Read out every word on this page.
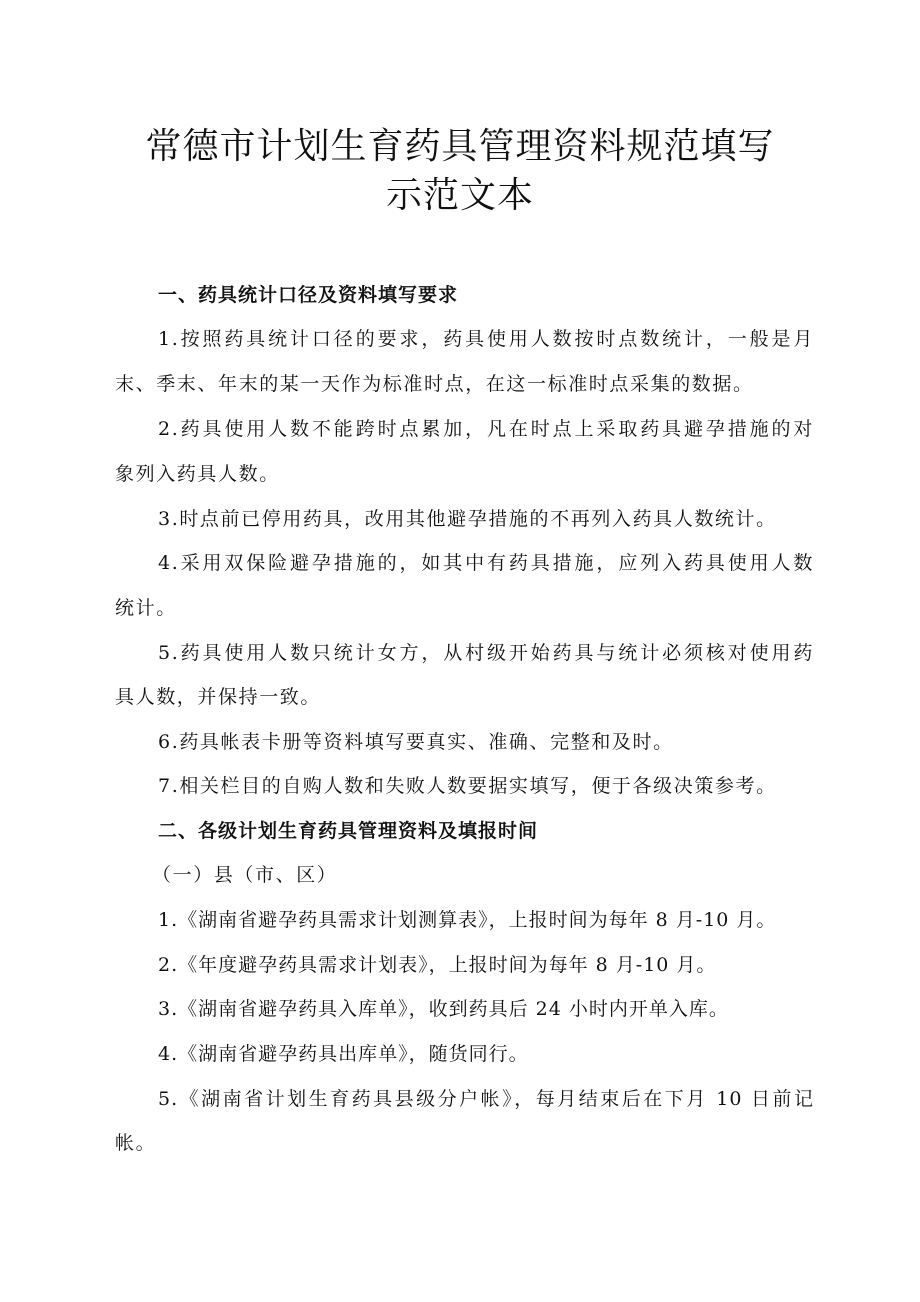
常德市计划生育药具管理资料规范填写
示范文本
一、药具统计口径及资料填写要求
1.按照药具统计口径的要求，药具使用人数按时点数统计，一般是月
末、季末、年末的某一天作为标准时点，在这一标准时点采集的数据。
2.药具使用人数不能跨时点累加，凡在时点上采取药具避孕措施的对
象列入药具人数。
3.时点前已停用药具，改用其他避孕措施的不再列入药具人数统计。
4.采用双保险避孕措施的，如其中有药具措施，应列入药具使用人数
统计。
5.药具使用人数只统计女方，从村级开始药具与统计必须核对使用药
具人数，并保持一致。
6.药具帐表卡册等资料填写要真实、准确、完整和及时。
7.相关栏目的自购人数和失败人数要据实填写，便于各级决策参考。
二、各级计划生育药具管理资料及填报时间
（一）县（市、区）
1.《湖南省避孕药具需求计划测算表》，上报时间为每年 8 月-10 月。
2.《年度避孕药具需求计划表》，上报时间为每年 8 月-10 月。
3.《湖南省避孕药具入库单》，收到药具后 24 小时内开单入库。
4.《湖南省避孕药具出库单》，随货同行。
5.《湖南省计划生育药具县级分户帐》，每月结束后在下月 10 日前记
帐。
